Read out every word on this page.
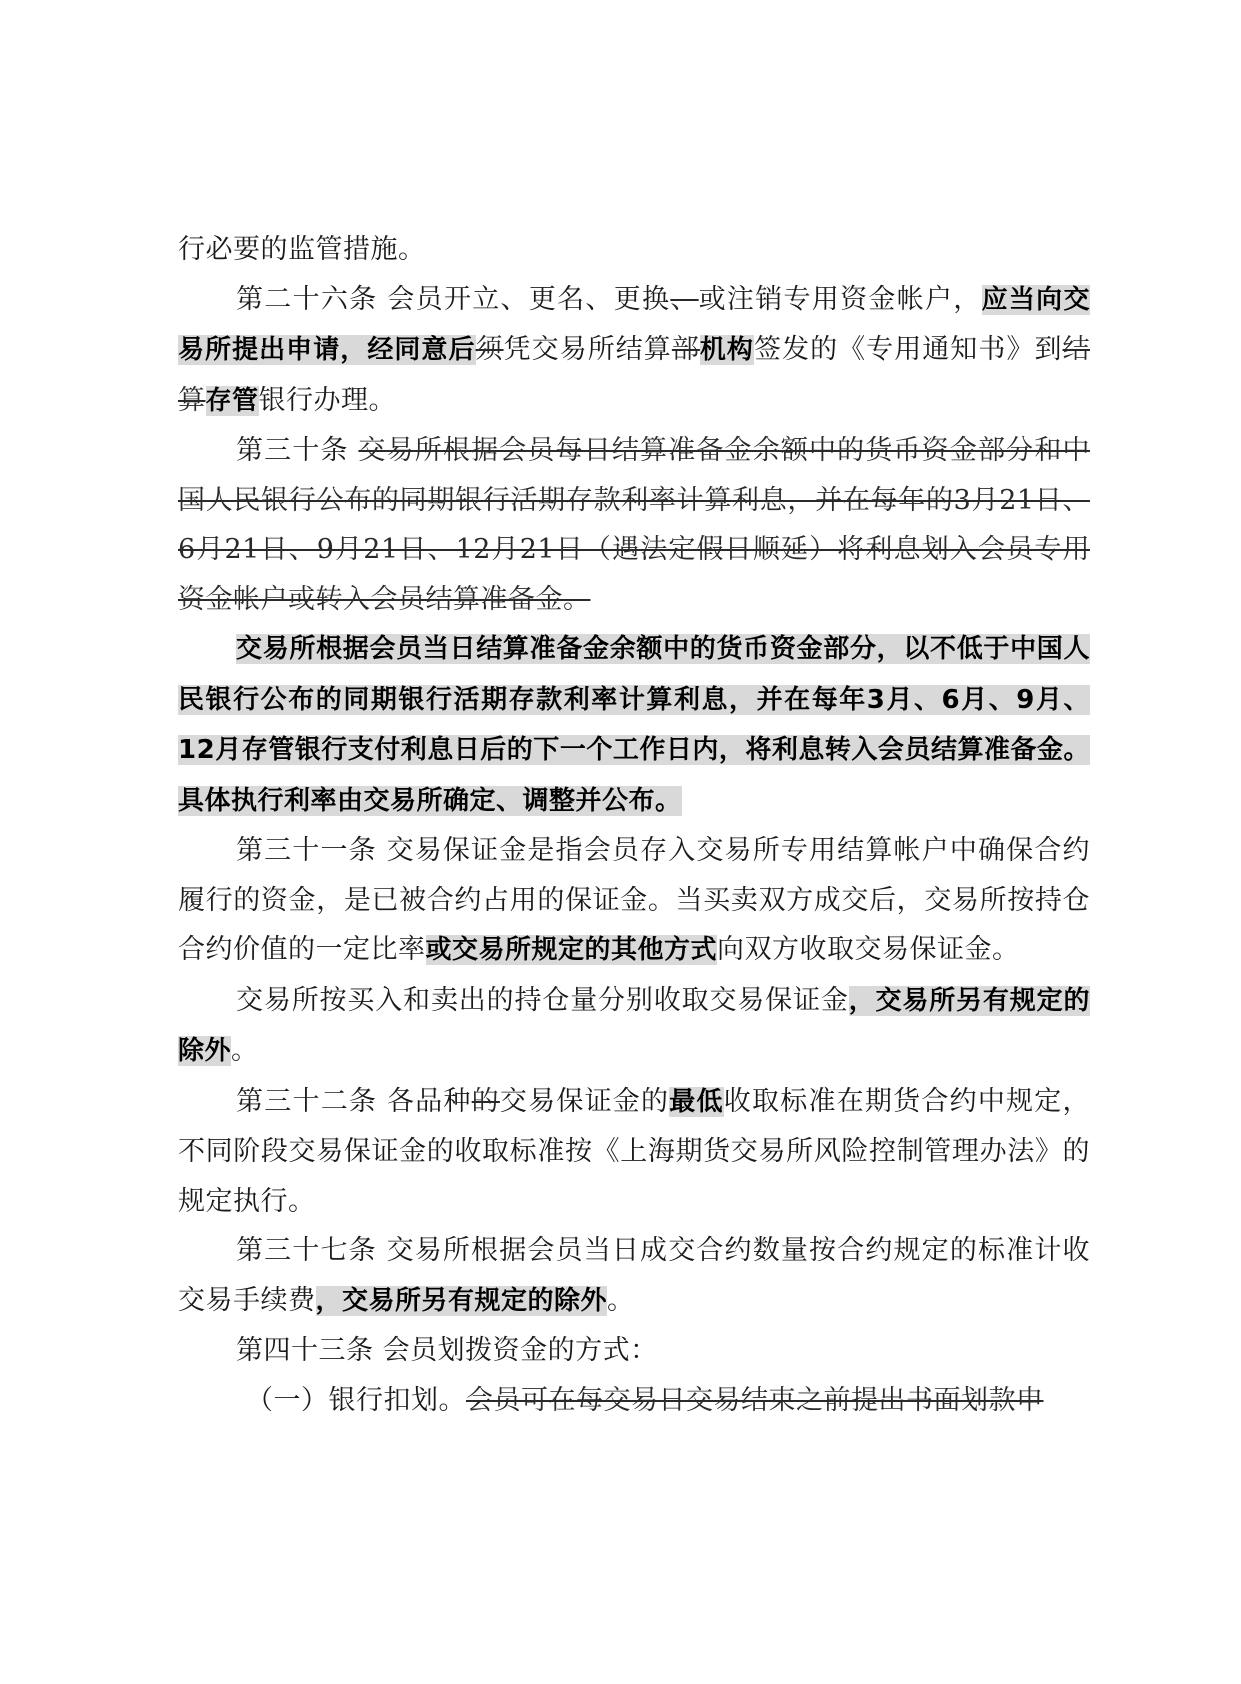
行必要的监管措施。

第二十六条 会员开立、更名、更换、或注销专用资金帐户，应当向交易所提出申请，经同意后须凭交易所结算部机构签发的《专用通知书》到结算存管银行办理。

第三十条 交易所根据会员每日结算准备金余额中的货币资金部分和中国人民银行公布的同期银行活期存款利率计算利息，并在每年的3月21日、6月21日、9月21日、12月21日（遇法定假日顺延）将利息划入会员专用资金帐户或转入会员结算准备金。

交易所根据会员当日结算准备金余额中的货币资金部分，以不低于中国人民银行公布的同期银行活期存款利率计算利息，并在每年3月、6月、9月、12月存管银行支付利息日后的下一个工作日内，将利息转入会员结算准备金。具体执行利率由交易所确定、调整并公布。

第三十一条 交易保证金是指会员存入交易所专用结算帐户中确保合约履行的资金，是已被合约占用的保证金。当买卖双方成交后，交易所按持仓合约价值的一定比率或交易所规定的其他方式向双方收取交易保证金。

交易所按买入和卖出的持仓量分别收取交易保证金，交易所另有规定的除外。

第三十二条 各品种的交易保证金的最低收取标准在期货合约中规定，不同阶段交易保证金的收取标准按《上海期货交易所风险控制管理办法》的规定执行。

第三十七条 交易所根据会员当日成交合约数量按合约规定的标准计收交易手续费，交易所另有规定的除外。

第四十三条 会员划拨资金的方式：

（一）银行扣划。会员可在每交易日交易结束之前提出书面划款申
